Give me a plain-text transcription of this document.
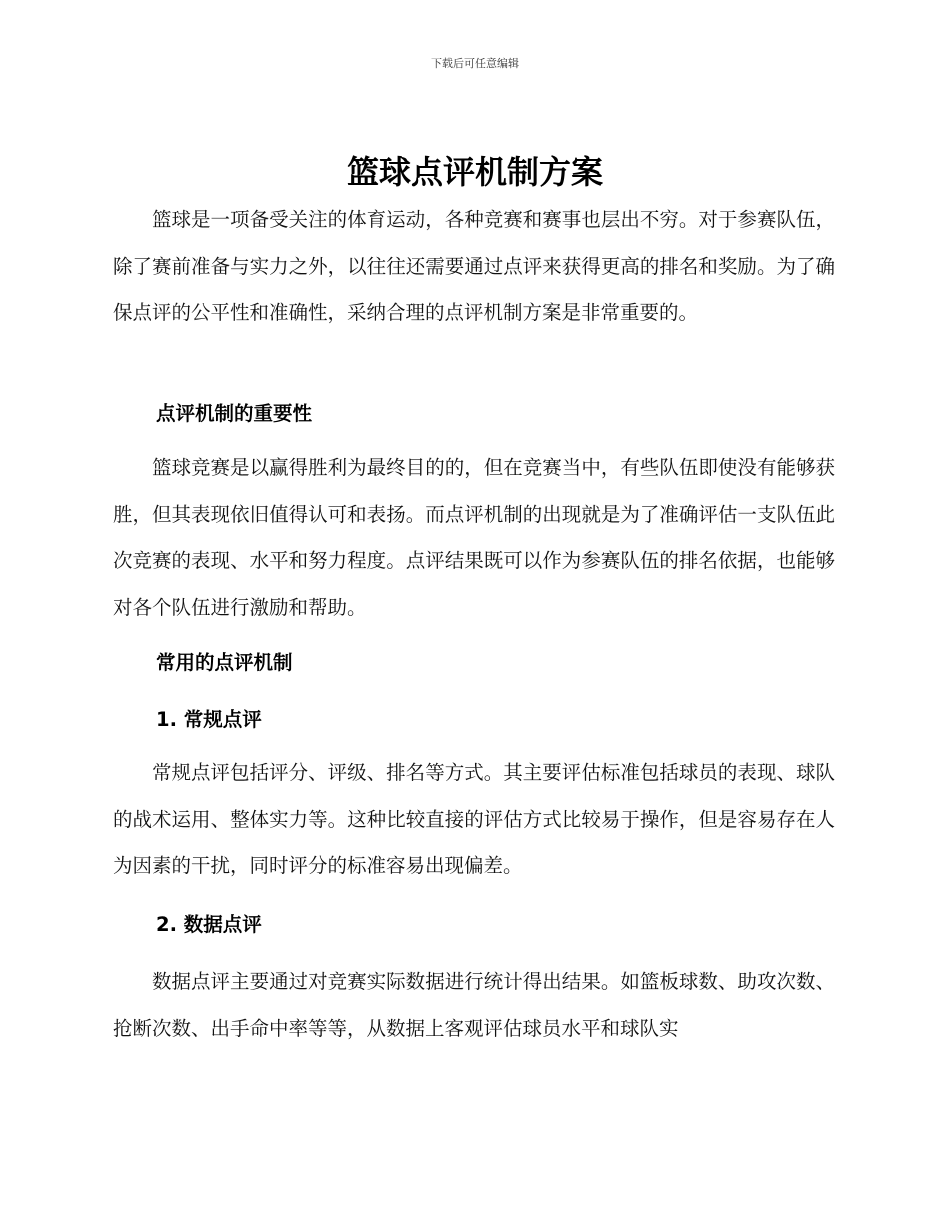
下载后可任意编辑
篮球点评机制方案

篮球是一项备受关注的体育运动，各种竞赛和赛事也层出不穷。对于参赛队伍，除了赛前准备与实力之外，以往往还需要通过点评来获得更高的排名和奖励。为了确保点评的公平性和准确性，采纳合理的点评机制方案是非常重要的。

点评机制的重要性

篮球竞赛是以赢得胜利为最终目的的，但在竞赛当中，有些队伍即使没有能够获胜，但其表现依旧值得认可和表扬。而点评机制的出现就是为了准确评估一支队伍此次竞赛的表现、水平和努力程度。点评结果既可以作为参赛队伍的排名依据，也能够对各个队伍进行激励和帮助。

常用的点评机制
1. 常规点评

常规点评包括评分、评级、排名等方式。其主要评估标准包括球员的表现、球队的战术运用、整体实力等。这种比较直接的评估方式比较易于操作，但是容易存在人为因素的干扰，同时评分的标准容易出现偏差。

2. 数据点评

数据点评主要通过对竞赛实际数据进行统计得出结果。如篮板球数、助攻次数、抢断次数、出手命中率等等，从数据上客观评估球员水平和球队实
